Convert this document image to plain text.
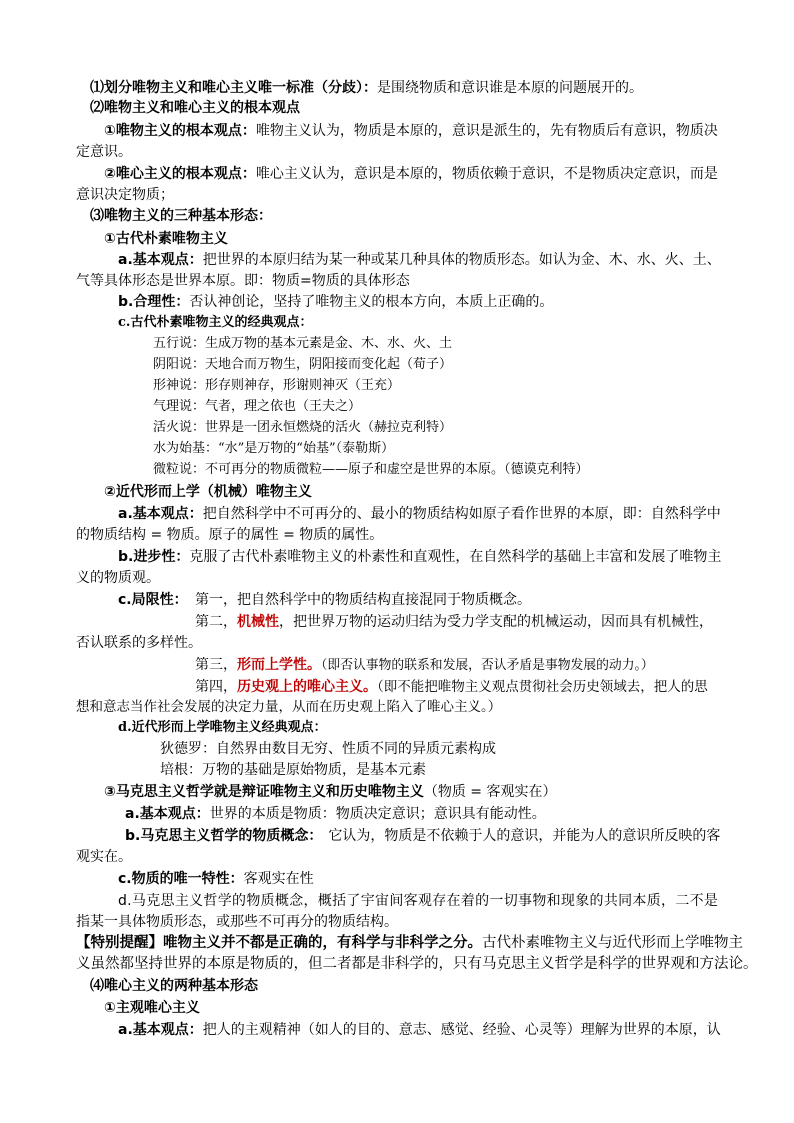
⑴划分唯物主义和唯心主义唯一标准（分歧）：是围绕物质和意识谁是本原的问题展开的。
⑵唯物主义和唯心主义的根本观点
①唯物主义的根本观点：唯物主义认为，物质是本原的，意识是派生的，先有物质后有意识，物质决
定意识。
②唯心主义的根本观点：唯心主义认为，意识是本原的，物质依赖于意识，不是物质决定意识，而是
意识决定物质；
⑶唯物主义的三种基本形态：
①古代朴素唯物主义
a.基本观点：把世界的本原归结为某一种或某几种具体的物质形态。如认为金、木、水、火、土、
气等具体形态是世界本原。即：物质=物质的具体形态
b.合理性：否认神创论，坚持了唯物主义的根本方向，本质上正确的。
c.古代朴素唯物主义的经典观点：
五行说：生成万物的基本元素是金、木、水、火、土
阴阳说：天地合而万物生，阴阳接而变化起（荀子）
形神说：形存则神存，形谢则神灭（王充）
气理说：气者，理之依也（王夫之）
活火说：世界是一团永恒燃烧的活火（赫拉克利特）
水为始基：“水”是万物的“始基”（泰勒斯）
微粒说：不可再分的物质微粒——原子和虚空是世界的本原。（德谟克利特）
②近代形而上学（机械）唯物主义
a.基本观点：把自然科学中不可再分的、最小的物质结构如原子看作世界的本原，即：自然科学中
的物质结构 = 物质。原子的属性 = 物质的属性。
b.进步性：克服了古代朴素唯物主义的朴素性和直观性，在自然科学的基础上丰富和发展了唯物主
义的物质观。
c.局限性： 第一，把自然科学中的物质结构直接混同于物质概念。
第二，机械性，把世界万物的运动归结为受力学支配的机械运动，因而具有机械性，
否认联系的多样性。
第三，形而上学性。（即否认事物的联系和发展，否认矛盾是事物发展的动力。）
第四，历史观上的唯心主义。（即不能把唯物主义观点贯彻社会历史领域去，把人的思
想和意志当作社会发展的决定力量，从而在历史观上陷入了唯心主义。）
d.近代形而上学唯物主义经典观点：
狄德罗：自然界由数目无穷、性质不同的异质元素构成
培根：万物的基础是原始物质，是基本元素
③马克思主义哲学就是辩证唯物主义和历史唯物主义（物质 = 客观实在）
a.基本观点：世界的本质是物质：物质决定意识；意识具有能动性。
b.马克思主义哲学的物质概念： 它认为，物质是不依赖于人的意识，并能为人的意识所反映的客
观实在。
c.物质的唯一特性：客观实在性
d.马克思主义哲学的物质概念，概括了宇宙间客观存在着的一切事物和现象的共同本质，二不是
指某一具体物质形态，或那些不可再分的物质结构。
【特别提醒】唯物主义并不都是正确的，有科学与非科学之分。古代朴素唯物主义与近代形而上学唯物主
义虽然都坚持世界的本原是物质的，但二者都是非科学的，只有马克思主义哲学是科学的世界观和方法论。
⑷唯心主义的两种基本形态
①主观唯心主义
a.基本观点：把人的主观精神（如人的目的、意志、感觉、经验、心灵等）理解为世界的本原，认
